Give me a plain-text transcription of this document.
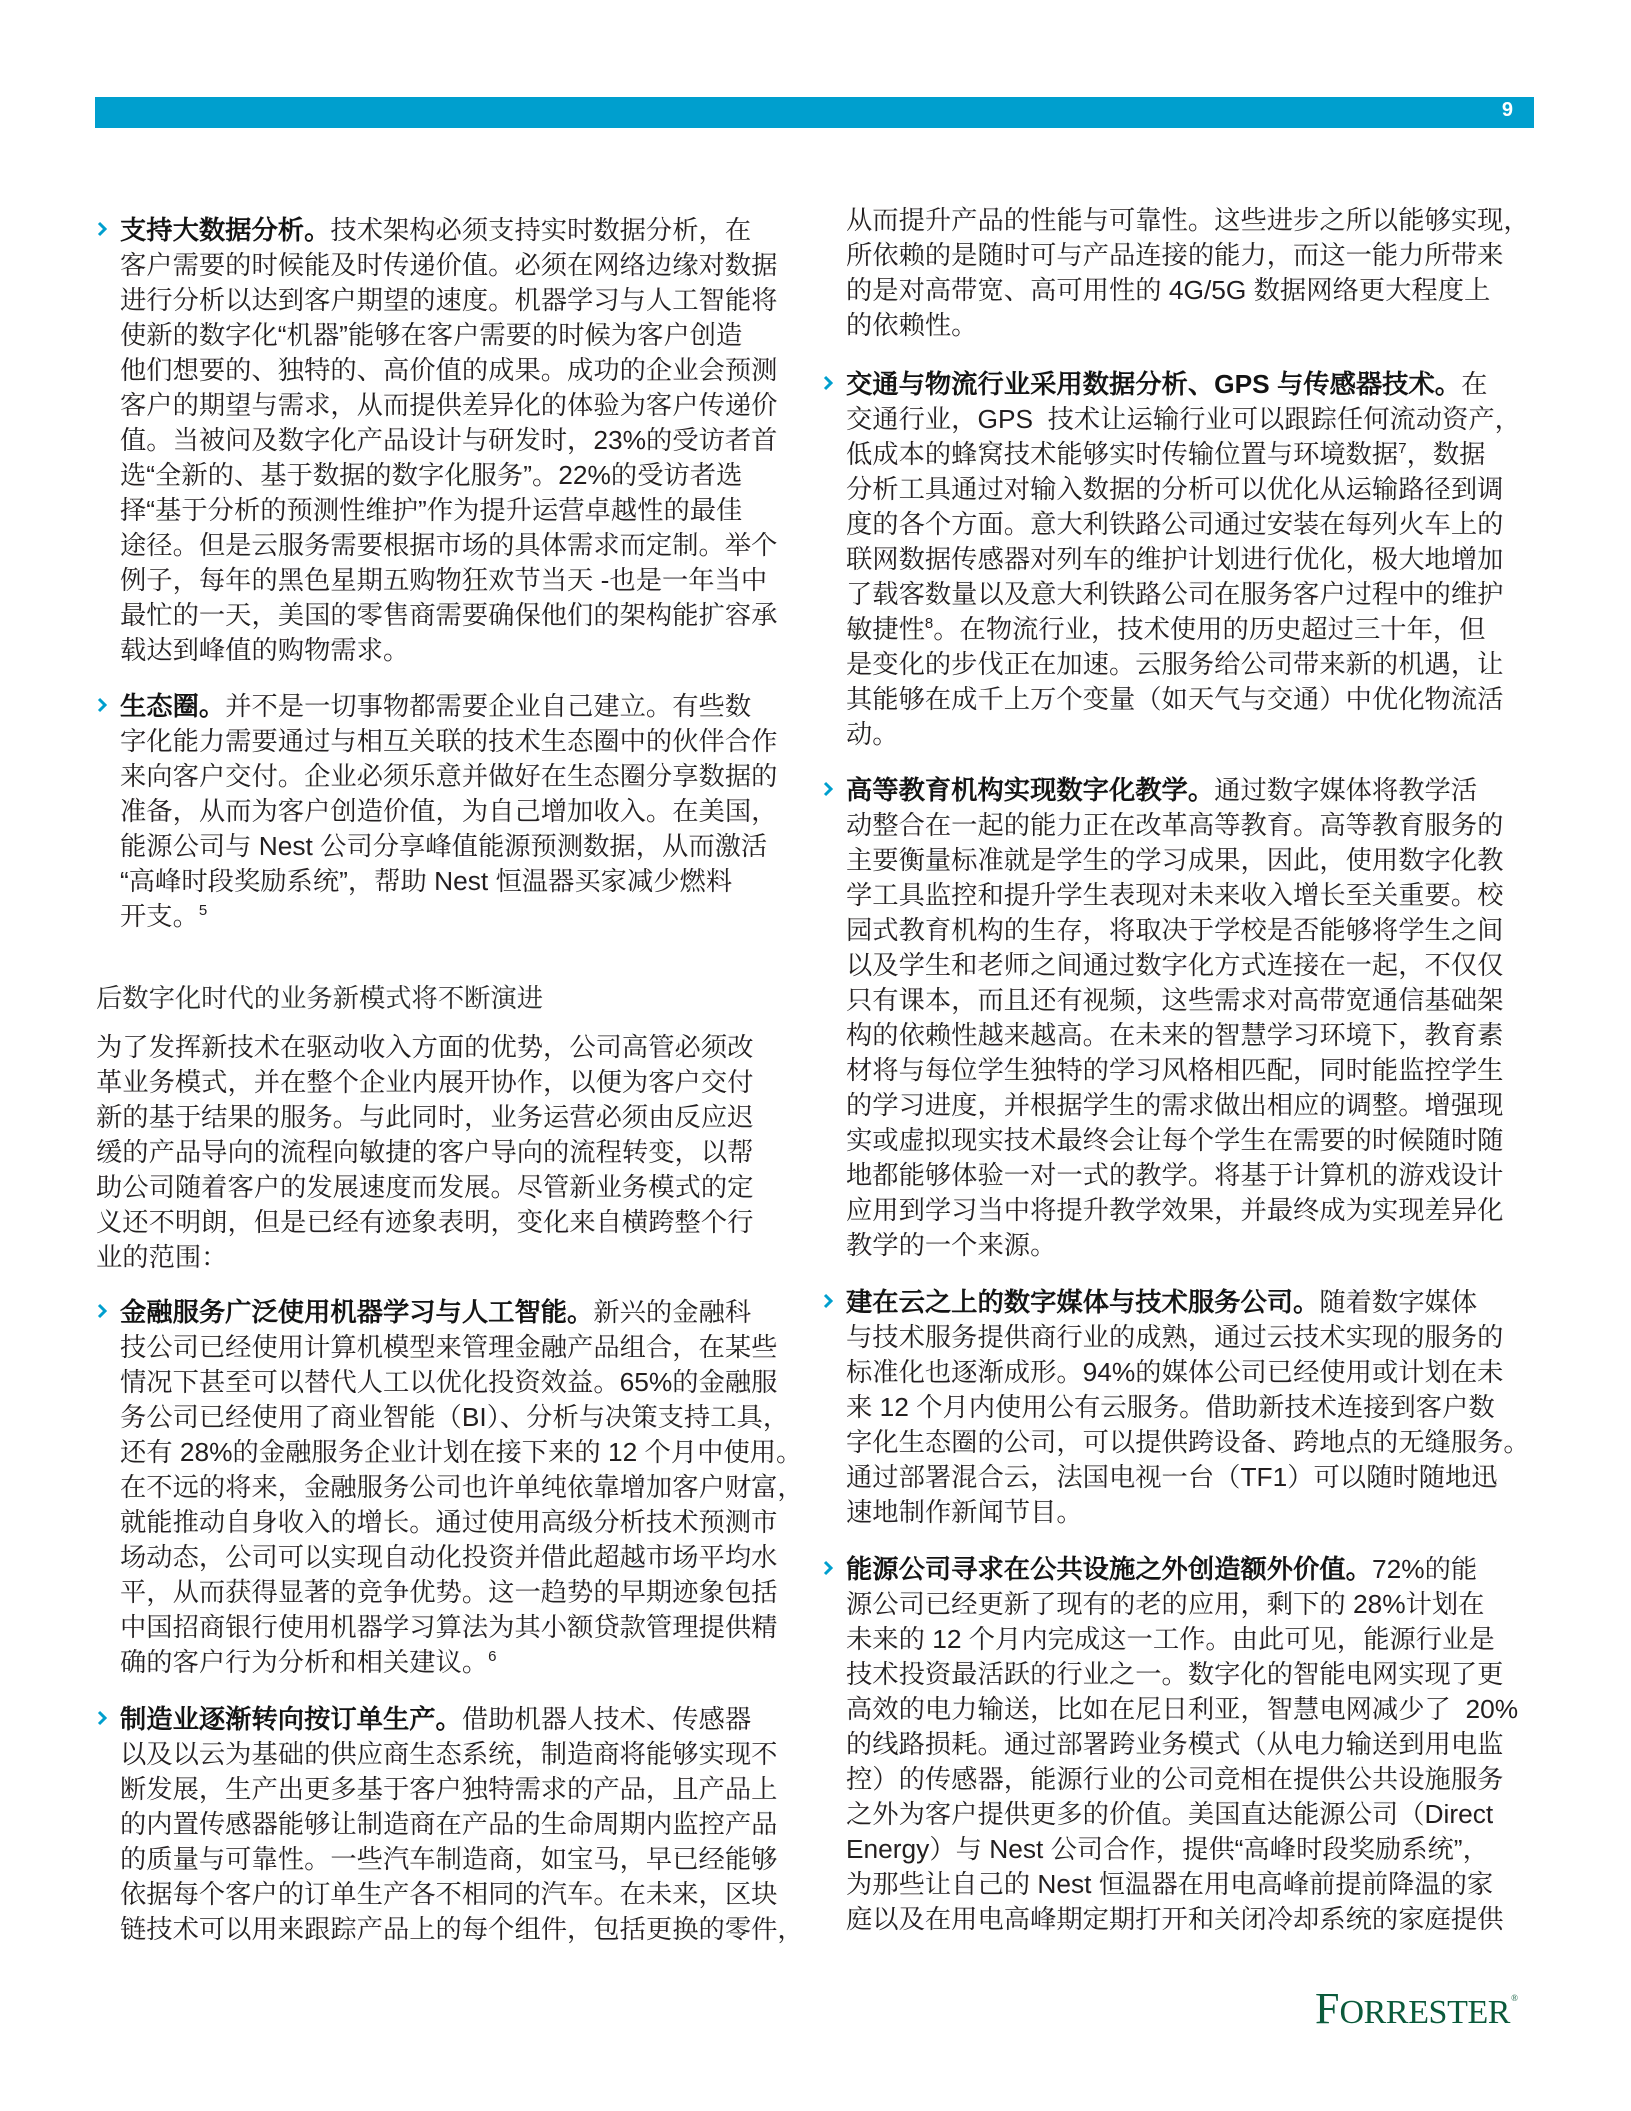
9
支持大数据分析。技术架构必须支持实时数据分析，在
客户需要的时候能及时传递价值。必须在网络边缘对数据
进行分析以达到客户期望的速度。机器学习与人工智能将
使新的数字化“机器”能够在客户需要的时候为客户创造
他们想要的、独特的、高价值的成果。成功的企业会预测
客户的期望与需求，从而提供差异化的体验为客户传递价
值。当被问及数字化产品设计与研发时，23%的受访者首
选“全新的、基于数据的数字化服务”。22%的受访者选
择“基于分析的预测性维护”作为提升运营卓越性的最佳
途径。但是云服务需要根据市场的具体需求而定制。举个
例子，每年的黑色星期五购物狂欢节当天 -也是一年当中
最忙的一天，美国的零售商需要确保他们的架构能扩容承
载达到峰值的购物需求。
生态圈。并不是一切事物都需要企业自己建立。有些数
字化能力需要通过与相互关联的技术生态圈中的伙伴合作
来向客户交付。企业必须乐意并做好在生态圈分享数据的
准备，从而为客户创造价值，为自己增加收入。在美国，
能源公司与 Nest 公司分享峰值能源预测数据，从而激活
“高峰时段奖励系统”，帮助 Nest 恒温器买家减少燃料
开支。$^5$
后数字化时代的业务新模式将不断演进
为了发挥新技术在驱动收入方面的优势，公司高管必须改
革业务模式，并在整个企业内展开协作，以便为客户交付
新的基于结果的服务。与此同时，业务运营必须由反应迟
缓的产品导向的流程向敏捷的客户导向的流程转变，以帮
助公司随着客户的发展速度而发展。尽管新业务模式的定
义还不明朗，但是已经有迹象表明，变化来自横跨整个行
业的范围：
金融服务广泛使用机器学习与人工智能。新兴的金融科
技公司已经使用计算机模型来管理金融产品组合，在某些
情况下甚至可以替代人工以优化投资效益。65%的金融服
务公司已经使用了商业智能（BI）、分析与决策支持工具，
还有 28%的金融服务企业计划在接下来的 12 个月中使用。
在不远的将来，金融服务公司也许单纯依靠增加客户财富，
就能推动自身收入的增长。通过使用高级分析技术预测市
场动态，公司可以实现自动化投资并借此超越市场平均水
平，从而获得显著的竞争优势。这一趋势的早期迹象包括
中国招商银行使用机器学习算法为其小额贷款管理提供精
确的客户行为分析和相关建议。$^6$
制造业逐渐转向按订单生产。借助机器人技术、传感器
以及以云为基础的供应商生态系统，制造商将能够实现不
断发展，生产出更多基于客户独特需求的产品，且产品上
的内置传感器能够让制造商在产品的生命周期内监控产品
的质量与可靠性。一些汽车制造商，如宝马，早已经能够
依据每个客户的订单生产各不相同的汽车。在未来，区块
链技术可以用来跟踪产品上的每个组件，包括更换的零件，
从而提升产品的性能与可靠性。这些进步之所以能够实现，
所依赖的是随时可与产品连接的能力，而这一能力所带来
的是对高带宽、高可用性的 4G/5G 数据网络更大程度上
的依赖性。
交通与物流行业采用数据分析、GPS 与传感器技术。在
交通行业，GPS  技术让运输行业可以跟踪任何流动资产，
低成本的蜂窝技术能够实时传输位置与环境数据$^7$，数据
分析工具通过对输入数据的分析可以优化从运输路径到调
度的各个方面。意大利铁路公司通过安装在每列火车上的
联网数据传感器对列车的维护计划进行优化，极大地增加
了载客数量以及意大利铁路公司在服务客户过程中的维护
敏捷性$^8$。在物流行业，技术使用的历史超过三十年，但
是变化的步伐正在加速。云服务给公司带来新的机遇，让
其能够在成千上万个变量（如天气与交通）中优化物流活
动。
高等教育机构实现数字化教学。通过数字媒体将教学活
动整合在一起的能力正在改革高等教育。高等教育服务的
主要衡量标准就是学生的学习成果，因此，使用数字化教
学工具监控和提升学生表现对未来收入增长至关重要。校
园式教育机构的生存，将取决于学校是否能够将学生之间
以及学生和老师之间通过数字化方式连接在一起，不仅仅
只有课本，而且还有视频，这些需求对高带宽通信基础架
构的依赖性越来越高。在未来的智慧学习环境下，教育素
材将与每位学生独特的学习风格相匹配，同时能监控学生
的学习进度，并根据学生的需求做出相应的调整。增强现
实或虚拟现实技术最终会让每个学生在需要的时候随时随
地都能够体验一对一式的教学。将基于计算机的游戏设计
应用到学习当中将提升教学效果，并最终成为实现差异化
教学的一个来源。
建在云之上的数字媒体与技术服务公司。随着数字媒体
与技术服务提供商行业的成熟，通过云技术实现的服务的
标准化也逐渐成形。94%的媒体公司已经使用或计划在未
来 12 个月内使用公有云服务。借助新技术连接到客户数
字化生态圈的公司，可以提供跨设备、跨地点的无缝服务。
通过部署混合云，法国电视一台（TF1）可以随时随地迅
速地制作新闻节目。
能源公司寻求在公共设施之外创造额外价值。72%的能
源公司已经更新了现有的老的应用，剩下的 28%计划在
未来的 12 个月内完成这一工作。由此可见，能源行业是
技术投资最活跃的行业之一。数字化的智能电网实现了更
高效的电力输送，比如在尼日利亚，智慧电网减少了  20%
的线路损耗。通过部署跨业务模式（从电力输送到用电监
控）的传感器，能源行业的公司竞相在提供公共设施服务
之外为客户提供更多的价值。美国直达能源公司（Direct
Energy）与 Nest 公司合作，提供“高峰时段奖励系统”，
为那些让自己的 Nest 恒温器在用电高峰前提前降温的家
庭以及在用电高峰期定期打开和关闭冷却系统的家庭提供
FORRESTER®
